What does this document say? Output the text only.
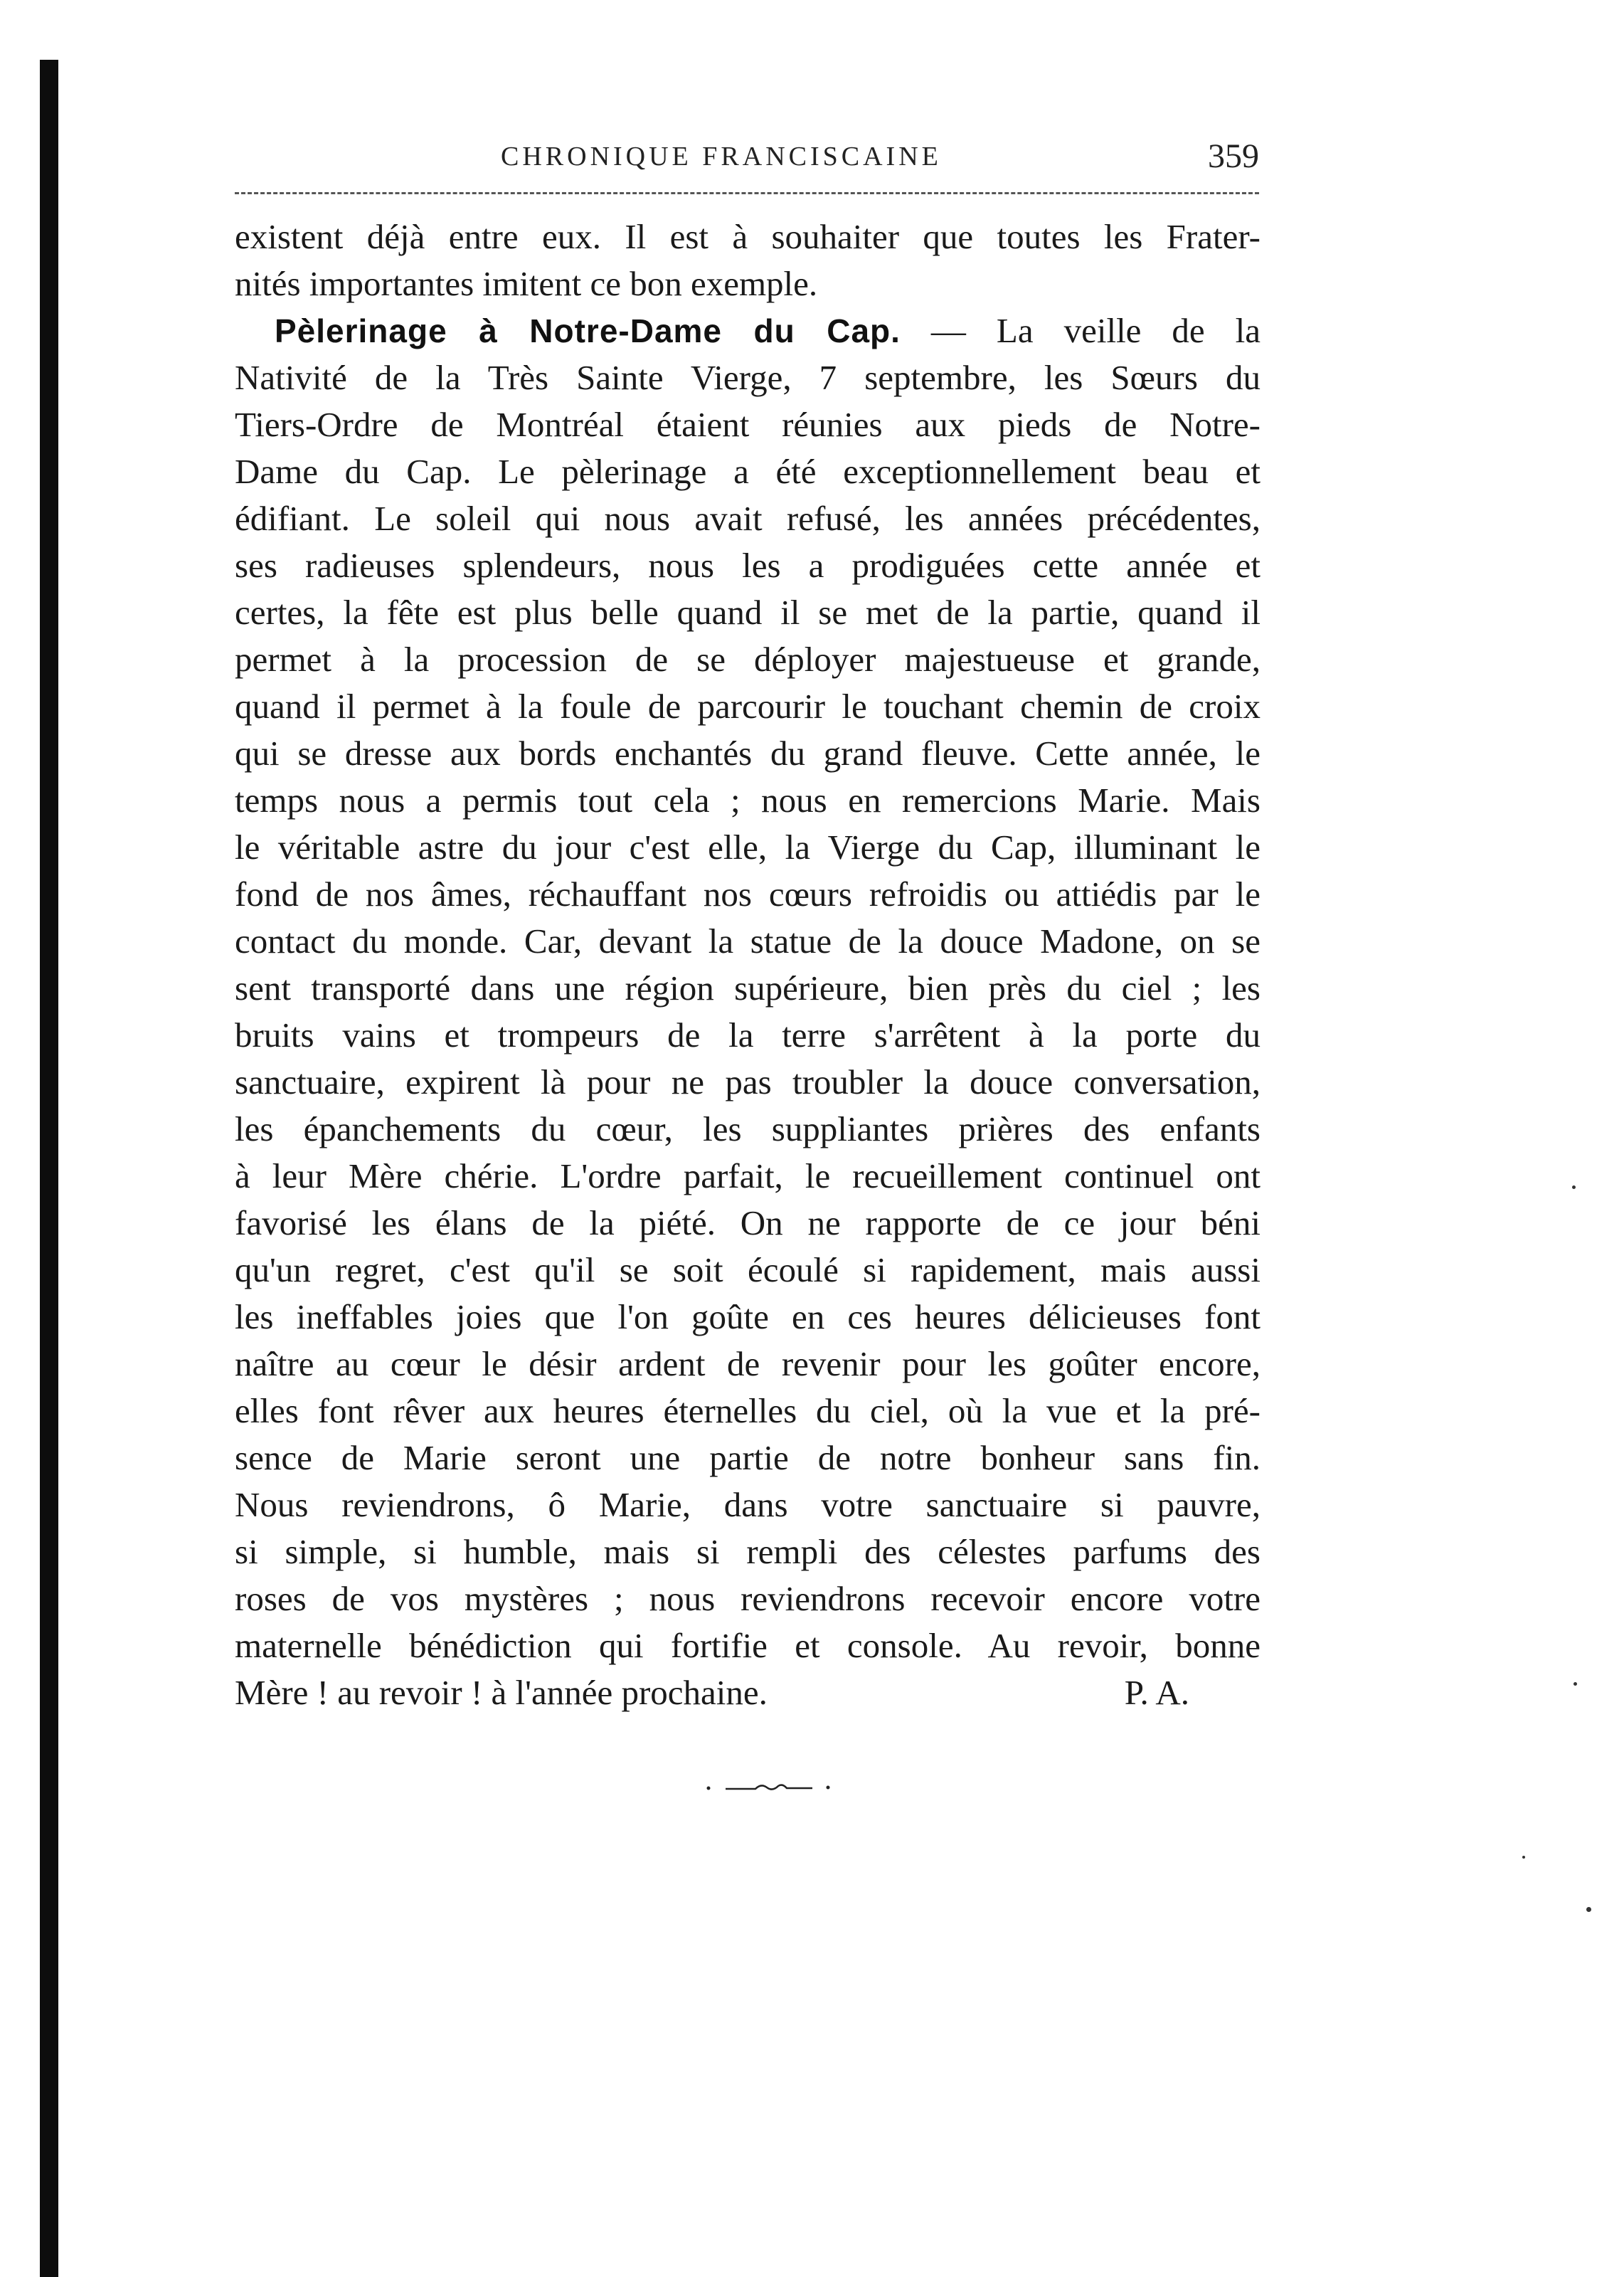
CHRONIQUE FRANCISCAINE	359
existent déjà entre eux. Il est à souhaiter que toutes les Frater-
nités importantes imitent ce bon exemple.
Pèlerinage à Notre-Dame du Cap. — La veille de la
Nativité de la Très Sainte Vierge, 7 septembre, les Sœurs du
Tiers-Ordre de Montréal étaient réunies aux pieds de Notre-
Dame du Cap. Le pèlerinage a été exceptionnellement beau et
édifiant. Le soleil qui nous avait refusé, les années précédentes,
ses radieuses splendeurs, nous les a prodiguées cette année et
certes, la fête est plus belle quand il se met de la partie, quand il
permet à la procession de se déployer majestueuse et grande,
quand il permet à la foule de parcourir le touchant chemin de croix
qui se dresse aux bords enchantés du grand fleuve. Cette année, le
temps nous a permis tout cela ; nous en remercions Marie. Mais
le véritable astre du jour c'est elle, la Vierge du Cap, illuminant le
fond de nos âmes, réchauffant nos cœurs refroidis ou attiédis par le
contact du monde. Car, devant la statue de la douce Madone, on se
sent transporté dans une région supérieure, bien près du ciel ; les
bruits vains et trompeurs de la terre s'arrêtent à la porte du
sanctuaire, expirent là pour ne pas troubler la douce conversation,
les épanchements du cœur, les suppliantes prières des enfants
à leur Mère chérie. L'ordre parfait, le recueillement continuel ont
favorisé les élans de la piété. On ne rapporte de ce jour béni
qu'un regret, c'est qu'il se soit écoulé si rapidement, mais aussi
les ineffables joies que l'on goûte en ces heures délicieuses font
naître au cœur le désir ardent de revenir pour les goûter encore,
elles font rêver aux heures éternelles du ciel, où la vue et la pré-
sence de Marie seront une partie de notre bonheur sans fin.
Nous reviendrons, ô Marie, dans votre sanctuaire si pauvre,
si simple, si humble, mais si rempli des célestes parfums des
roses de vos mystères ; nous reviendrons recevoir encore votre
maternelle bénédiction qui fortifie et console. Au revoir, bonne
Mère ! au revoir ! à l'année prochaine.	P. A.
